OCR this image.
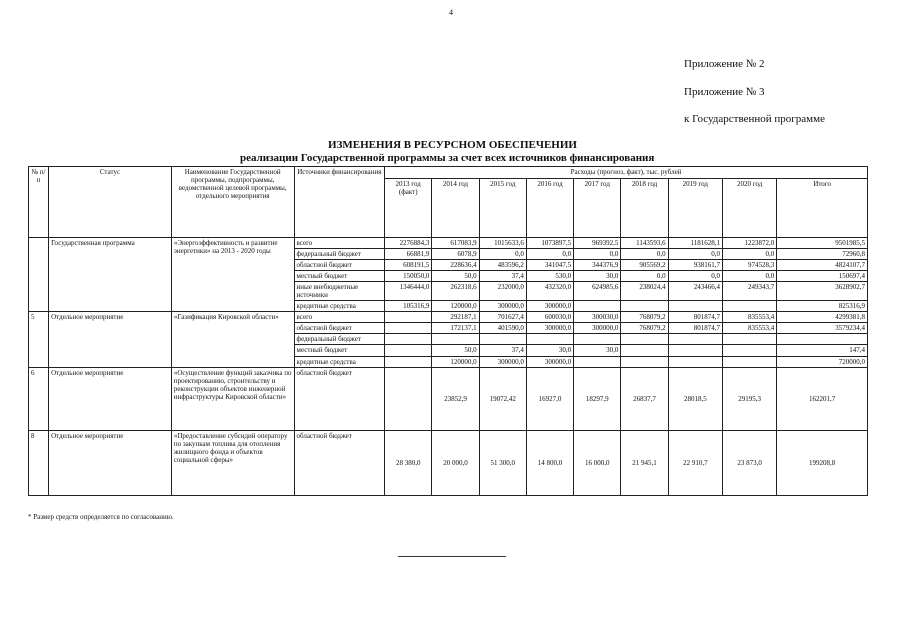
4
Приложение № 2
Приложение № 3
к Государственной программе
ИЗМЕНЕНИЯ В РЕСУРСНОМ ОБЕСПЕЧЕНИИ
реализации Государственной программы за счет всех источников финансирования
№ п/п	Статус	Наименование Государственной программы, подпрограммы, ведомственной целевой программы, отдельного мероприятия	Источники финансирования	Расходы (прогноз, факт), тыс. рублей								
				2013 год (факт)	2014 год	2015 год	2016 год	2017 год	2018 год	2019 год	2020 год	Итого
	Государственная программа	«Энергоэффективность и развитие энергетики» на 2013 - 2020 годы	всего	2276884,3	617083,9	1015633,6	1073897,5	969392,5	1143593,6	1181628,1	1223872,0	9501985,5
			федеральный бюджет	66881,9	6078,9	0,0	0,0	0,0	0,0	0,0	0,0	72960,8
			областной бюджет	608191,5	228636,4	483596,2	341047,5	344376,9	905569,2	938161,7	974528,3	4824107,7
			местный бюджет	150050,0	50,0	37,4	530,0	30,0	0,0	0,0	0,0	150697,4
			иные внебюджетные источники	1346444,0	262318,6	232000,0	432320,0	624985,6	238024,4	243466,4	249343,7	3628902,7
			кредитные средства	105316,9	120000,0	300000,0	300000,0					825316,9
5	Отдельное мероприятие	«Газификация Кировской области»	всего		292187,1	701627,4	600030,0	300030,0	768079,2	801874,7	835553,4	4299381,8
			областной бюджет		172137,1	401590,0	300000,0	300000,0	768079,2	801874,7	835553,4	3579234,4
			федеральный бюджет									
			местный бюджет		50,0	37,4	30,0	30,0				147,4
			кредитные средства		120000,0	300000,0	300000,0					720000,0
6	Отдельное мероприятие	«Осуществление функций заказчика по проектированию, строительству и реконструкции объектов инженерной инфраструктуры Кировской области»	областной бюджет		23852,9	19072,42	16927,0	18297,9	26837,7	28018,5	29195,3	162201,7
8	Отдельное мероприятие	«Предоставление субсидий оператору по закупкам топлива для отопления жилищного фонда и объектов социальной сферы»	областной бюджет	28 380,0	20 000,0	51 300,0	14 800,0	16 000,0	21 945,1	22 910,7	23 873,0	199208,8
* Размер средств определяется по согласованию.
